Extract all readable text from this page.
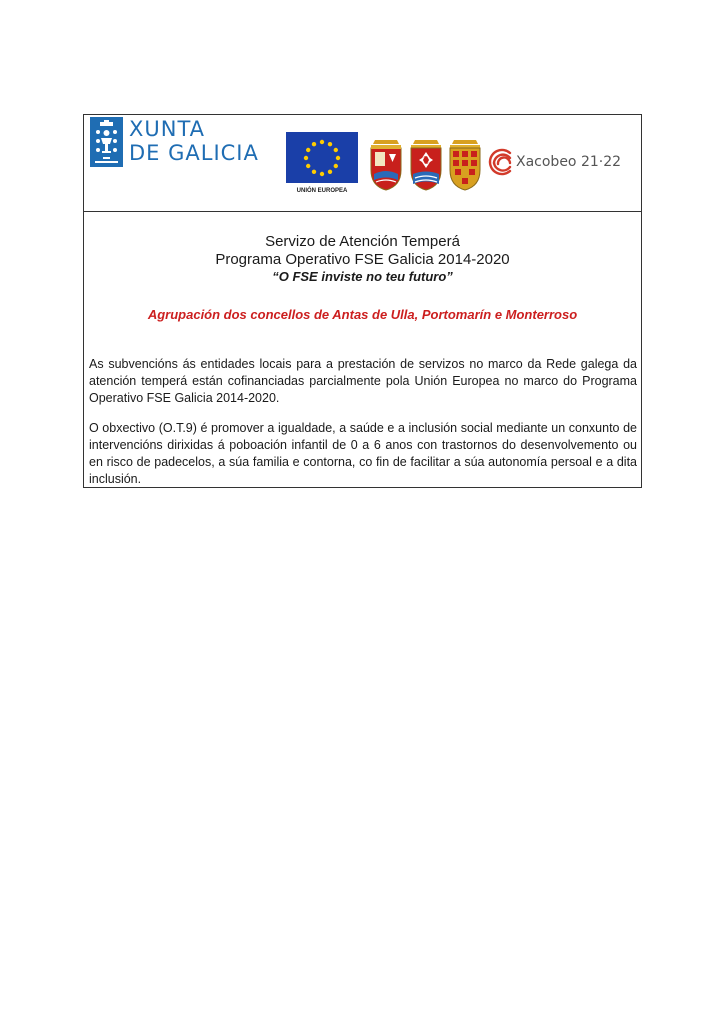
XUNTA
DE GALICIA
UNIÓN EUROPEA
Xacobeo 21·22
Servizo de Atención Temperá
Programa Operativo FSE Galicia 2014-2020
“O FSE inviste no teu futuro”
Agrupación dos concellos de Antas de Ulla, Portomarín e Monterroso
As subvencións ás entidades locais para a prestación de servizos no marco da Rede galega da atención temperá están cofinanciadas parcialmente pola Unión Europea no marco do Programa Operativo FSE Galicia 2014-2020.
O obxectivo (O.T.9) é promover a igualdade, a saúde e a inclusión social mediante un conxunto de intervencións dirixidas á poboación infantil de 0 a 6 anos con trastornos do desenvolvemento ou en risco de padecelos, a súa familia e contorna, co fin de facilitar a súa autonomía persoal e a dita inclusión.
